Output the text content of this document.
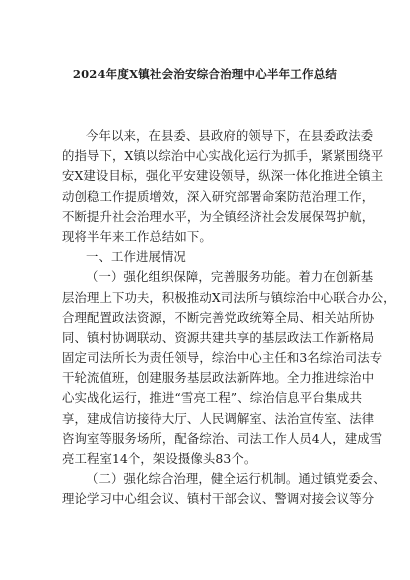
2024年度X镇社会治安综合治理中心半年工作总结
今年以来，在县委、县政府的领导下，在县委政法委
的指导下，X镇以综治中心实战化运行为抓手，紧紧围绕平
安X建设目标，强化平安建设领导，纵深一体化推进全镇主
动创稳工作提质增效，深入研究部署命案防范治理工作，
不断提升社会治理水平，为全镇经济社会发展保驾护航，
现将半年来工作总结如下。
一、工作进展情况
（一）强化组织保障，完善服务功能。着力在创新基
层治理上下功夫，积极推动X司法所与镇综治中心联合办公，
合理配置政法资源，不断完善党政统筹全局、相关站所协
同、镇村协调联动、资源共建共享的基层政法工作新格局
固定司法所长为责任领导，综治中心主任和3名综治司法专
干轮流值班，创建服务基层政法新阵地。全力推进综治中
心实战化运行，推进“雪亮工程”、综治信息平台集成共
享，建成信访接待大厅、人民调解室、法治宣传室、法律
咨询室等服务场所，配备综治、司法工作人员4人，建成雪
亮工程室14个，架设摄像头83个。
（二）强化综合治理，健全运行机制。通过镇党委会、
理论学习中心组会议、镇村干部会议、警调对接会议等分
